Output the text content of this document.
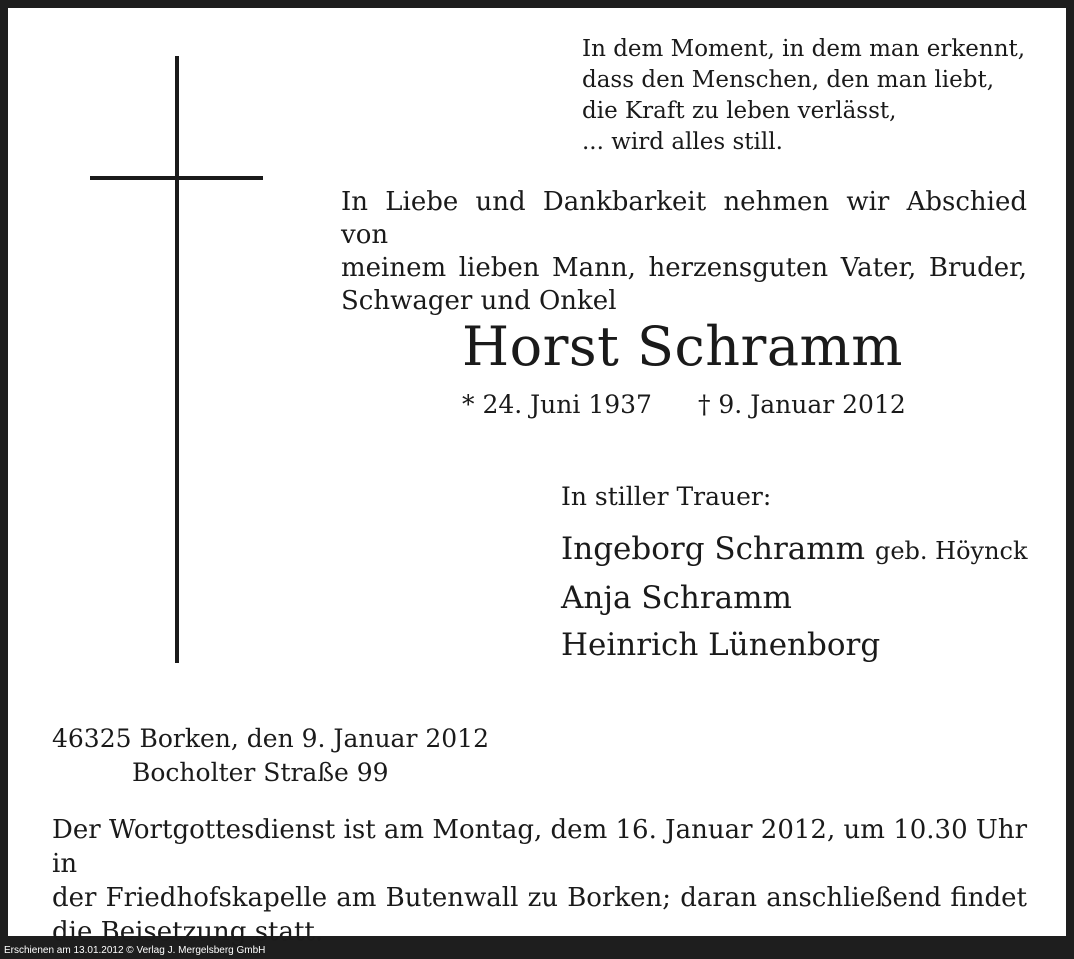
In dem Moment, in dem man erkennt,
dass den Menschen, den man liebt,
die Kraft zu leben verlässt,
... wird alles still.
In Liebe und Dankbarkeit nehmen wir Abschied von
meinem lieben Mann, herzensguten Vater, Bruder,
Schwager und Onkel
Horst Schramm
* 24. Juni 1937 † 9. Januar 2012
In stiller Trauer:
Ingeborg Schramm geb. Höynck
Anja Schramm
Heinrich Lünenborg
46325 Borken, den 9. Januar 2012
Bocholter Straße 99
Der Wortgottesdienst ist am Montag, dem 16. Januar 2012, um 10.30 Uhr in
der Friedhofskapelle am Butenwall zu Borken; daran anschließend findet
die Beisetzung statt.
Erschienen am 13.01.2012 © Verlag J. Mergelsberg GmbH
